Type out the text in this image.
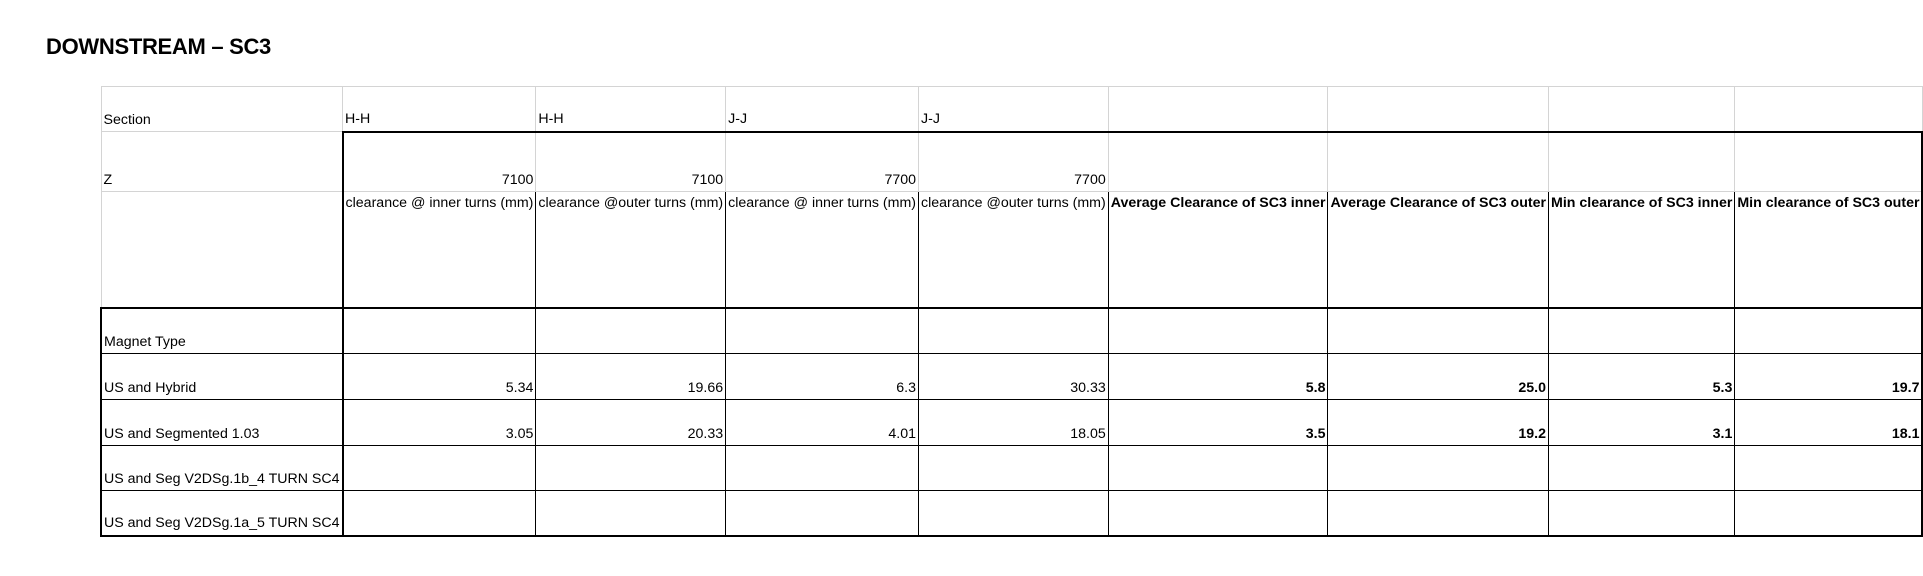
DOWNSTREAM – SC3
Section	H-H	H-H	J-J	J-J				
Z	7100	7100	7700	7700				
	clearance @ inner turns (mm)	clearance @outer turns (mm)	clearance @ inner turns (mm)	clearance @outer turns (mm)	Average Clearance of SC3 inner	Average Clearance of SC3 outer	Min clearance of SC3 inner	Min clearance of SC3 outer
Magnet Type								
US and Hybrid	5.34	19.66	6.3	30.33	5.8	25.0	5.3	19.7
US and Segmented 1.03	3.05	20.33	4.01	18.05	3.5	19.2	3.1	18.1
US and Seg V2DSg.1b_4 TURN SC4								
US and Seg V2DSg.1a_5 TURN SC4								
